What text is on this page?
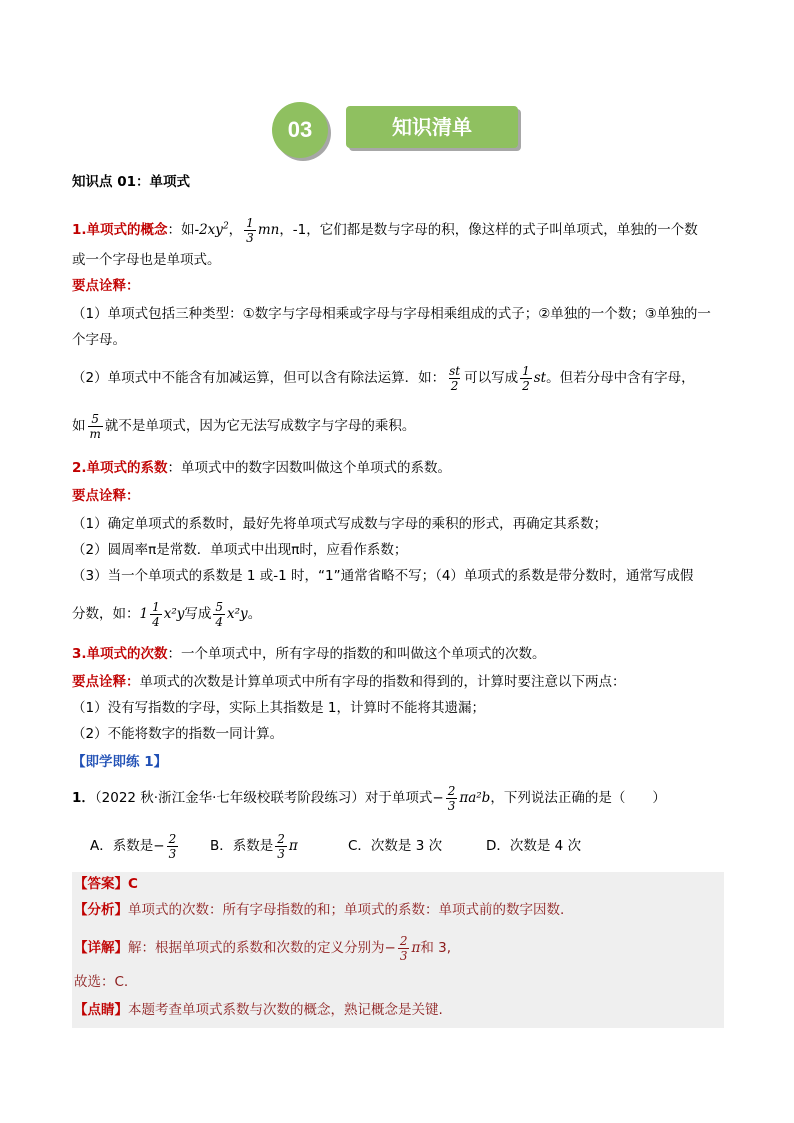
03	知识清单
知识点 01：单项式
1.单项式的概念：如$-2xy^2$， $\frac{1}{3}$ mn，-1，它们都是数与字母的积，像这样的式子叫单项式，单独的一个数
或一个字母也是单项式。
要点诠释：
（1）单项式包括三种类型：①数字与字母相乘或字母与字母相乘组成的式子；②单独的一个数；③单独的一
个字母。
（2）单项式中不能含有加减运算，但可以含有除法运算．如： $\frac{st}{2}$ 可以写成 $\frac{1}{2}$ st。但若分母中含有字母，
如 $\frac{5}{m}$ 就不是单项式，因为它无法写成数字与字母的乘积。
2.单项式的系数：单项式中的数字因数叫做这个单项式的系数。
要点诠释：
（1）确定单项式的系数时，最好先将单项式写成数与字母的乘积的形式，再确定其系数；
（2）圆周率π是常数．单项式中出现π时，应看作系数；
（3）当一个单项式的系数是 1 或-1 时，“1”通常省略不写；（4）单项式的系数是带分数时，通常写成假
分数，如：$1 \frac{1}{4} x^2y$写成 $\frac{5}{4} x^2y$。
3.单项式的次数：一个单项式中，所有字母的指数的和叫做这个单项式的次数。
要点诠释：单项式的次数是计算单项式中所有字母的指数和得到的，计算时要注意以下两点：
（1）没有写指数的字母，实际上其指数是 1，计算时不能将其遗漏；
（2）不能将数字的指数一同计算。
【即学即练 1】
1．（2022 秋·浙江金华·七年级校联考阶段练习）对于单项式− $\frac{2}{3} \pi a^2b$，下列说法正确的是（　　）
A．系数是− $\frac{2}{3}$ B．系数是 $\frac{2}{3}$ π	C．次数是 3 次	D．次数是 4 次
【答案】C
【分析】单项式的次数：所有字母指数的和；单项式的系数：单项式前的数字因数.
【详解】解：根据单项式的系数和次数的定义分别为− $\frac{2}{3}$ π和 3,
故选：C.
【点睛】本题考查单项式系数与次数的概念，熟记概念是关键.
